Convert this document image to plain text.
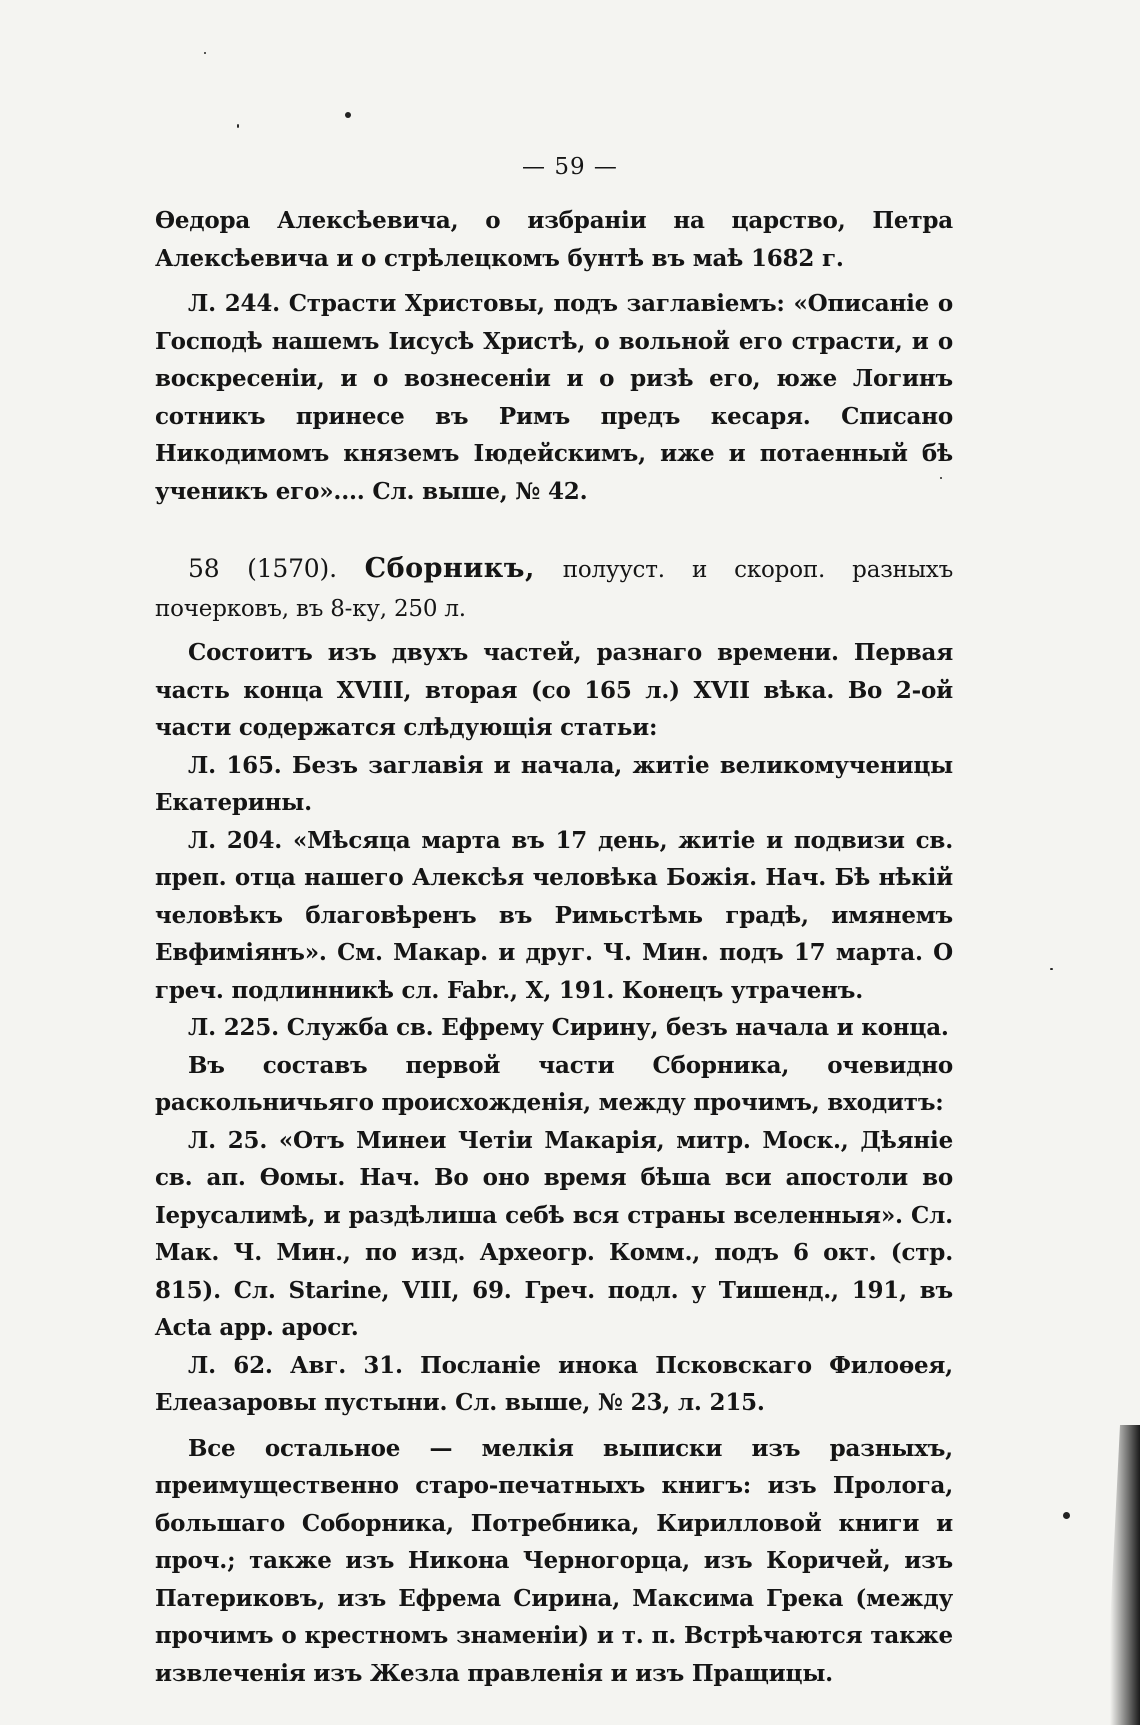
— 59 —

Өедора Алексѣевича, о избраніи на царство, Петра Алексѣевича и о стрѣлецкомъ бунтѣ въ маѣ 1682 г.

Л. 244. Страсти Христовы, подъ заглавіемъ: «Описаніе о Господѣ нашемъ Іисусѣ Христѣ, о вольной его страсти, и о воскресеніи, и о вознесеніи и о ризѣ его, юже Логинъ сотникъ принесе въ Римъ предъ кесаря. Списано Никодимомъ княземъ Іюдейскимъ, иже и потаенный бѣ ученикъ его».... Сл. выше, № 42.

58 (1570). Сборникъ, полууст. и скороп. разныхъ почерковъ, въ 8-ку, 250 л.

Состоитъ изъ двухъ частей, разнаго времени. Первая часть конца XVIII, вторая (со 165 л.) XVII вѣка. Во 2-ой части содержатся слѣдующія статьи:

Л. 165. Безъ заглавія и начала, житіе великомученицы Екатерины.

Л. 204. «Мѣсяца марта въ 17 день, житіе и подвизи св. преп. отца нашего Алексѣя человѣка Божія. Нач. Бѣ нѣкій человѣкъ благовѣренъ въ Римьстѣмь градѣ, имянемъ Евфиміянъ». См. Макар. и друг. Ч. Мин. подъ 17 марта. О греч. подлинникѣ сл. Fabr., X, 191. Конецъ утраченъ.

Л. 225. Служба св. Ефрему Сирину, безъ начала и конца.

Въ составъ первой части Сборника, очевидно раскольничьяго происхожденія, между прочимъ, входитъ:

Л. 25. «Отъ Минеи Четіи Макарія, митр. Моск., Дѣяніе св. ап. Өомы. Нач. Во оно время бѣша вси апостоли во Іерусалимѣ, и раздѣлиша себѣ вся страны вселенныя». Сл. Мак. Ч. Мин., по изд. Археогр. Комм., подъ 6 окт. (стр. 815). Сл. Starine, VIII, 69. Греч. подл. у Тишенд., 191, въ Acta app. apocr.

Л. 62. Авг. 31. Посланіе инока Псковскаго Филоөея, Елеазаровы пустыни. Сл. выше, № 23, л. 215.

Все остальное — мелкія выписки изъ разныхъ, преимущественно старо-печатныхъ книгъ: изъ Пролога, большаго Соборника, Потребника, Кирилловой книги и проч.; также изъ Никона Черногорца, изъ Коричей, изъ Патериковъ, изъ Ефрема Сирина, Максима Грека (между прочимъ о крестномъ знаменіи) и т. п. Встрѣчаются также извлеченія изъ Жезла правленія и изъ Пращицы.
